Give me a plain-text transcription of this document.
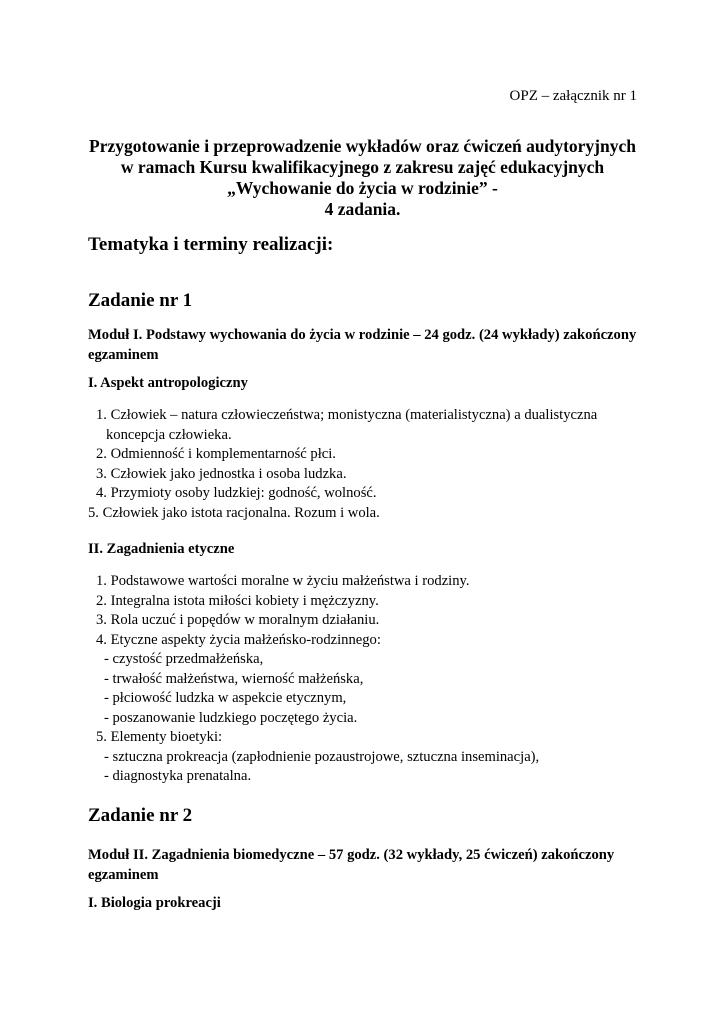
OPZ – załącznik nr 1
Przygotowanie i przeprowadzenie wykładów oraz ćwiczeń audytoryjnych
w ramach Kursu kwalifikacyjnego z zakresu zajęć edukacyjnych
„Wychowanie do życia w rodzinie” -
4 zadania.
Tematyka i terminy realizacji:
Zadanie nr 1
Moduł I. Podstawy wychowania do życia w rodzinie – 24 godz. (24 wykłady) zakończony egzaminem
I. Aspekt antropologiczny
1. Człowiek – natura człowieczeństwa; monistyczna (materialistyczna) a dualistyczna
koncepcja człowieka.
2. Odmienność i komplementarność płci.
3. Człowiek jako jednostka i osoba ludzka.
4. Przymioty osoby ludzkiej: godność, wolność.
5. Człowiek jako istota racjonalna. Rozum i wola.
II. Zagadnienia etyczne
1. Podstawowe wartości moralne w życiu małżeństwa i rodziny.
2. Integralna istota miłości kobiety i mężczyzny.
3. Rola uczuć i popędów w moralnym działaniu.
4. Etyczne aspekty życia małżeńsko-rodzinnego:
- czystość przedmałżeńska,
- trwałość małżeństwa, wierność małżeńska,
- płciowość ludzka w aspekcie etycznym,
- poszanowanie ludzkiego poczętego życia.
5. Elementy bioetyki:
- sztuczna prokreacja (zapłodnienie pozaustrojowe, sztuczna inseminacja),
- diagnostyka prenatalna.
Zadanie nr 2
Moduł II. Zagadnienia biomedyczne – 57 godz. (32 wykłady, 25 ćwiczeń) zakończony egzaminem
I. Biologia prokreacji
